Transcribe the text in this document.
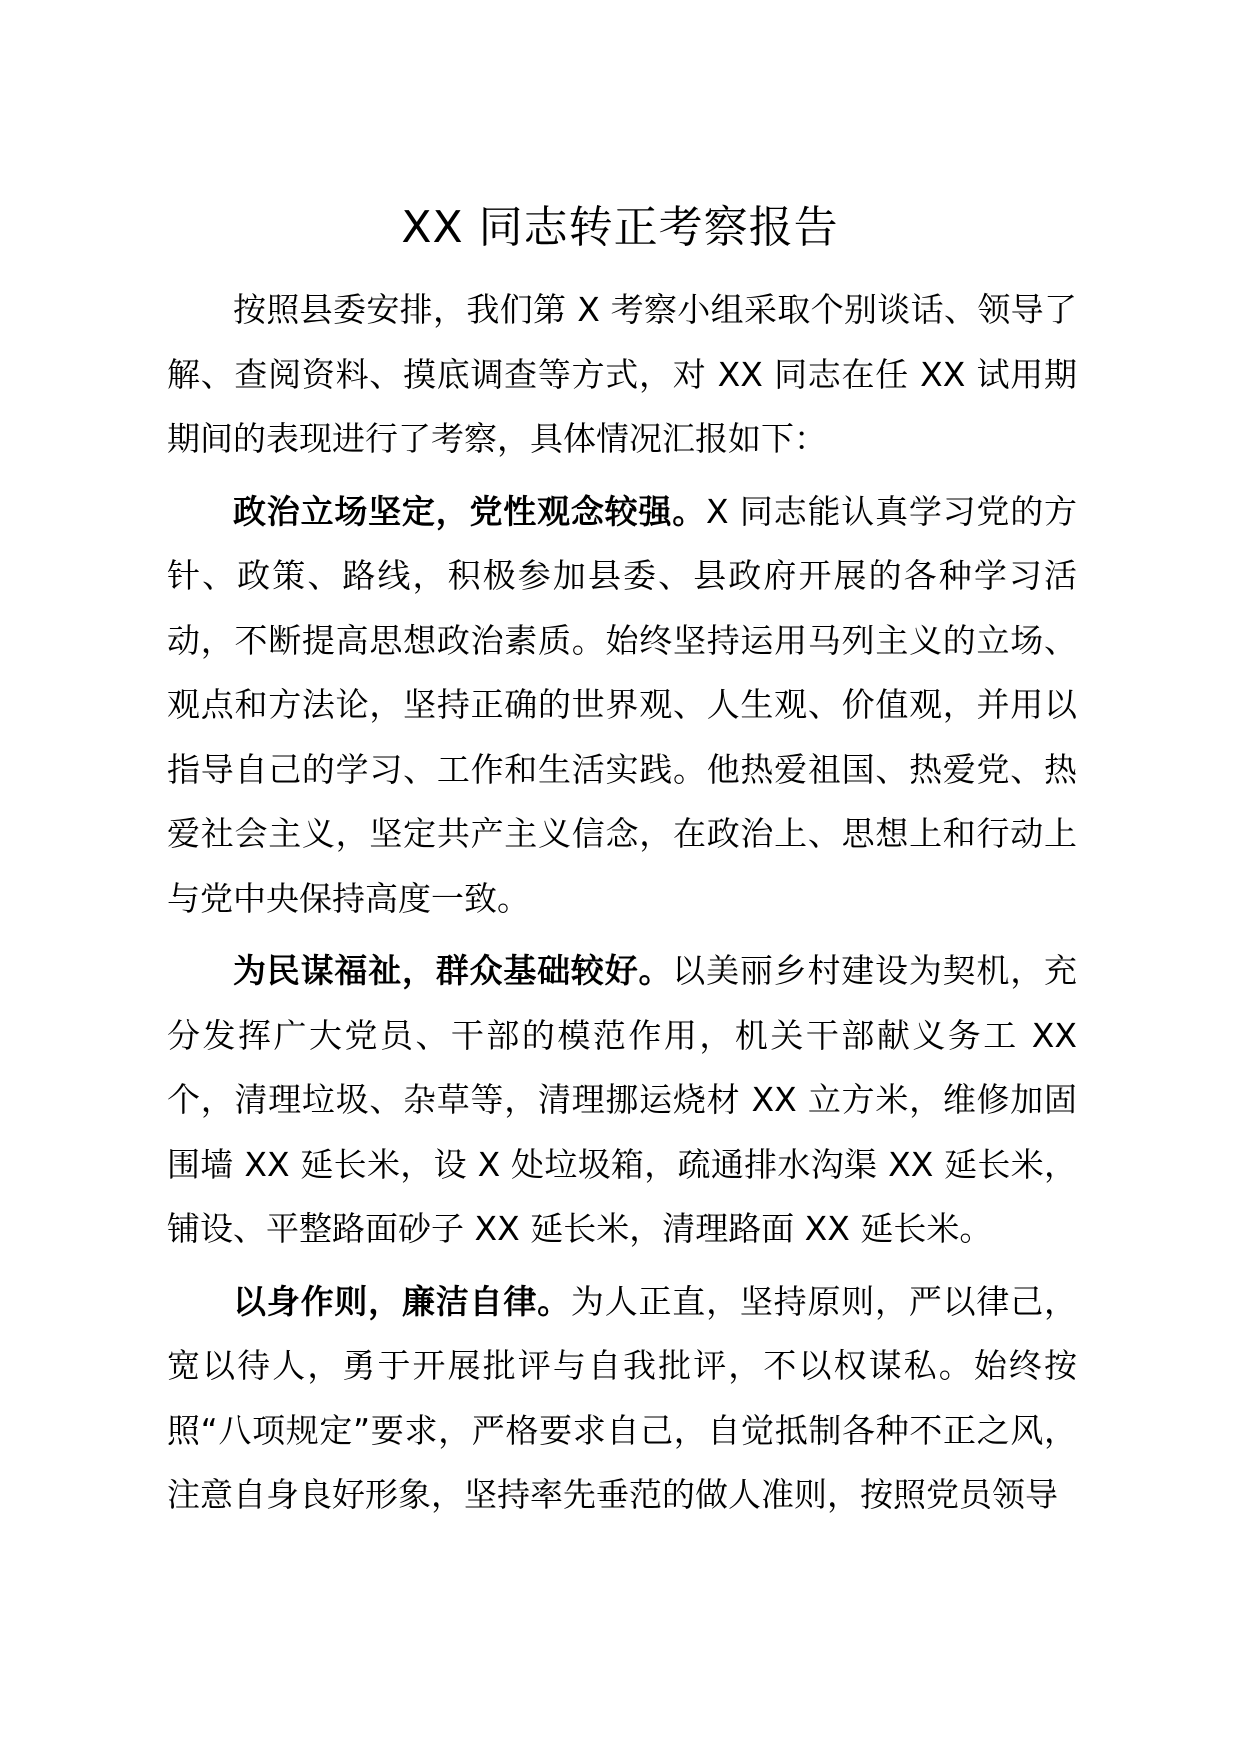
XX 同志转正考察报告

按照县委安排，我们第 X 考察小组采取个别谈话、领导了解、查阅资料、摸底调查等方式，对 XX 同志在任 XX 试用期期间的表现进行了考察，具体情况汇报如下：

政治立场坚定，党性观念较强。X 同志能认真学习党的方针、政策、路线，积极参加县委、县政府开展的各种学习活动，不断提高思想政治素质。始终坚持运用马列主义的立场、观点和方法论，坚持正确的世界观、人生观、价值观，并用以指导自己的学习、工作和生活实践。他热爱祖国、热爱党、热爱社会主义，坚定共产主义信念，在政治上、思想上和行动上与党中央保持高度一致。

为民谋福祉，群众基础较好。以美丽乡村建设为契机，充分发挥广大党员、干部的模范作用，机关干部献义务工 XX 个，清理垃圾、杂草等，清理挪运烧材 XX 立方米，维修加固围墙 XX 延长米，设 X 处垃圾箱，疏通排水沟渠 XX 延长米，铺设、平整路面砂子 XX 延长米，清理路面 XX 延长米。

以身作则，廉洁自律。为人正直，坚持原则，严以律己，宽以待人，勇于开展批评与自我批评，不以权谋私。始终按照“八项规定”要求，严格要求自己，自觉抵制各种不正之风，注意自身良好形象，坚持率先垂范的做人准则，按照党员领导
